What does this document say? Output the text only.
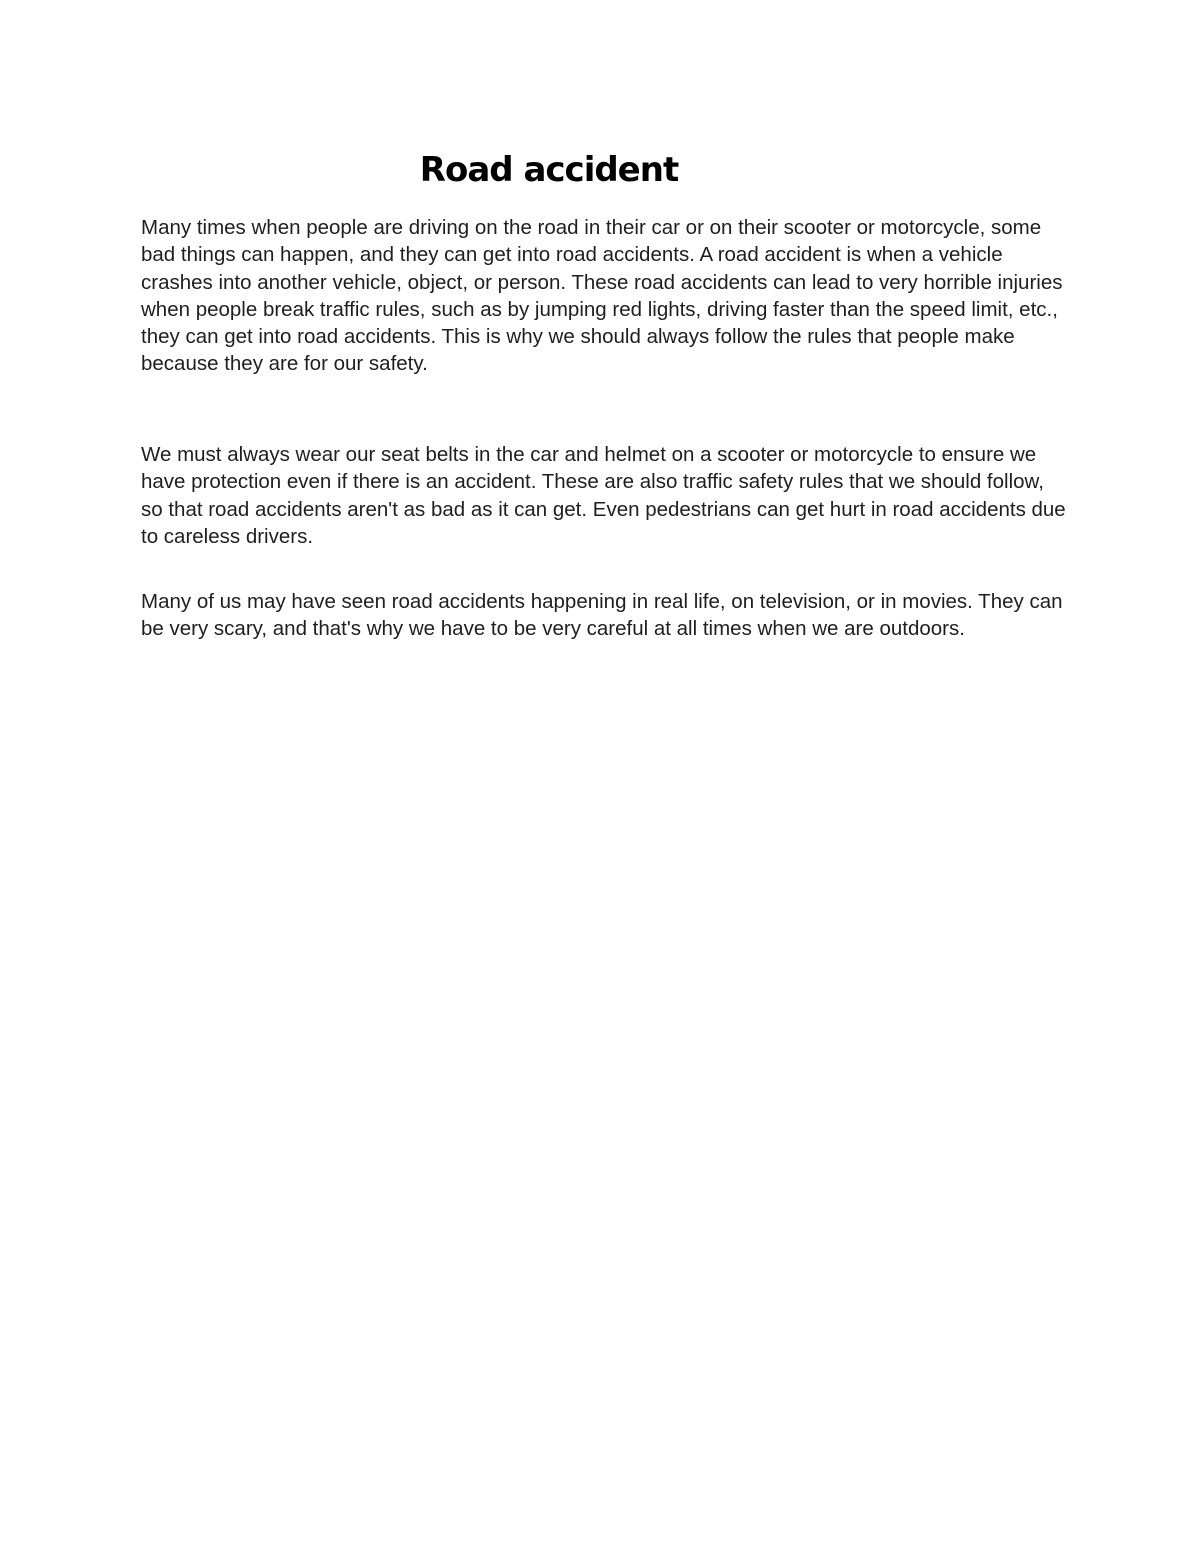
Road accident

Many times when people are driving on the road in their car or on their scooter or motorcycle, some bad things can happen, and they can get into road accidents. A road accident is when a vehicle crashes into another vehicle, object, or person. These road accidents can lead to very horrible injuries when people break traffic rules, such as by jumping red lights, driving faster than the speed limit, etc., they can get into road accidents. This is why we should always follow the rules that people make because they are for our safety.

We must always wear our seat belts in the car and helmet on a scooter or motorcycle to ensure we have protection even if there is an accident. These are also traffic safety rules that we should follow, so that road accidents aren't as bad as it can get. Even pedestrians can get hurt in road accidents due to careless drivers.

Many of us may have seen road accidents happening in real life, on television, or in movies. They can be very scary, and that's why we have to be very careful at all times when we are outdoors.
